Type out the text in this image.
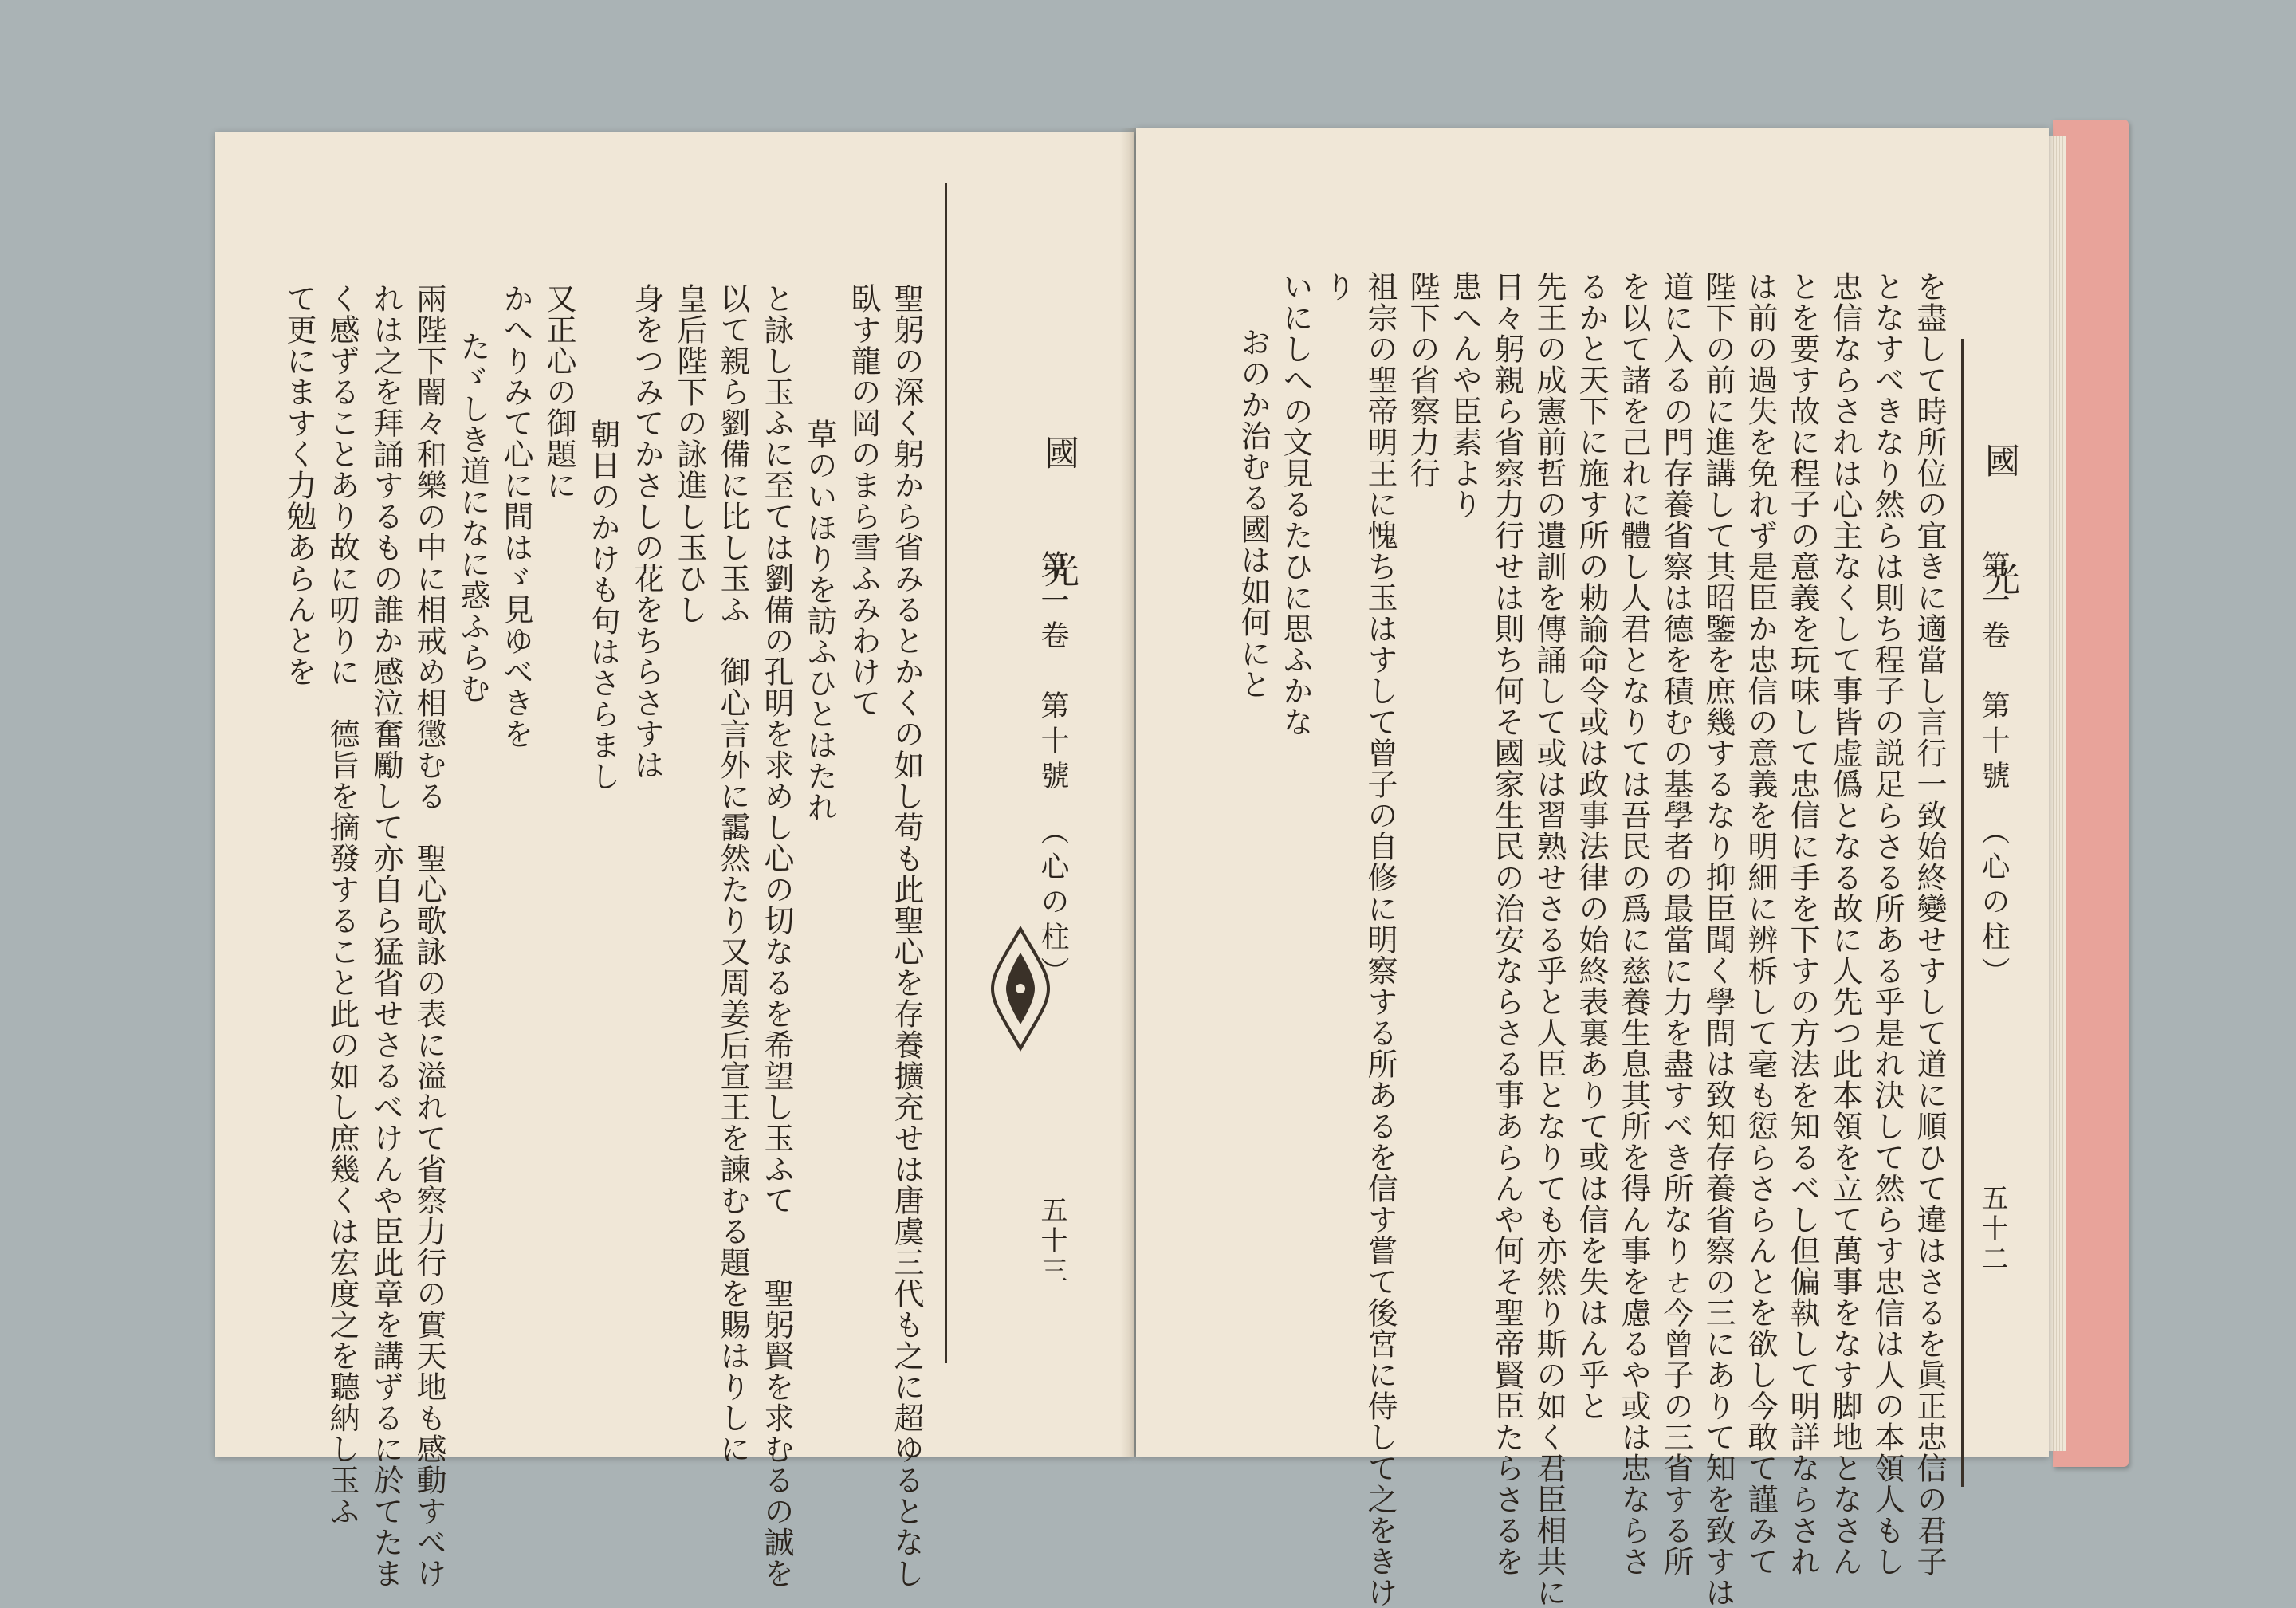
國　光
第一卷　第十號　（心の柱）
五十三
聖躬の深く躬から省みるとかくの如し苟も此聖心を存養擴充せは唐虞三代も之に超ゆるとなし
臥す龍の岡のまら雪ふみわけて
草のいほりを訪ふひとはたれ
と詠し玉ふに至ては劉備の孔明を求めし心の切なるを希望し玉ふて　　聖躬賢を求むるの誠を
以て親ら劉備に比し玉ふ　御心言外に靄然たり又周姜后宣王を諫むる題を賜はりしに
皇后陛下の詠進し玉ひし
身をつみてかさしの花をちらさすは
朝日のかけも句はさらまし
又正心の御題に
かへりみて心に間はゞ見ゆべきを
たゞしき道になに惑ふらむ
兩陛下闇々和樂の中に相戒め相懲むる　聖心歌詠の表に溢れて省察力行の實天地も感動すべけ
れは之を拜誦するもの誰か感泣奮勵して亦自ら猛省せさるべけんや臣此章を講ずるに於てたま
く感ずることあり故に叨りに　德旨を摘發すること此の如し庶幾くは宏度之を聽納し玉ふ
て更にますく力勉あらんとを	國　光
第一卷　第十號　（心の柱）
五十二
を盡して時所位の宜きに適當し言行一致始終變せすして道に順ひて違はさるを眞正忠信の君子
となすべきなり然らは則ち程子の説足らさる所ある乎是れ決して然らす忠信は人の本領人もし
忠信ならされは心主なくして事皆虚僞となる故に人先つ此本領を立て萬事をなす脚地となさん
とを要す故に程子の意義を玩味して忠信に手を下すの方法を知るべし但偏執して明詳ならされ
は前の過失を免れず是臣か忠信の意義を明細に辨柝して毫も愆らさらんとを欲し今敢て謹みて
陛下の前に進講して其昭鑒を庶幾するなり抑臣聞く學問は致知存養省察の三にありて知を致すは
道に入るの門存養省察は德を積むの基學者の最當に力を盡すべき所なりㄜ今曾子の三省する所
を以て諸を己れに體し人君となりては吾民の爲に慈養生息其所を得ん事を慮るや或は忠ならさ
るかと天下に施す所の勅諭命令或は政事法律の始終表裏ありて或は信を失はん乎と
先王の成憲前哲の遺訓を傳誦して或は習熟せさる乎と人臣となりても亦然り斯の如く君臣相共に
日々躬親ら省察力行せは則ち何そ國家生民の治安ならさる事あらんや何そ聖帝賢臣たらさるを
患へんや臣素より
陛下の省察力行
祖宗の聖帝明王に愧ち玉はすして曾子の自修に明察する所あるを信す嘗て後宮に侍して之をきけ
り
いにしへの文見るたひに思ふかな
おのか治むる國は如何にと
